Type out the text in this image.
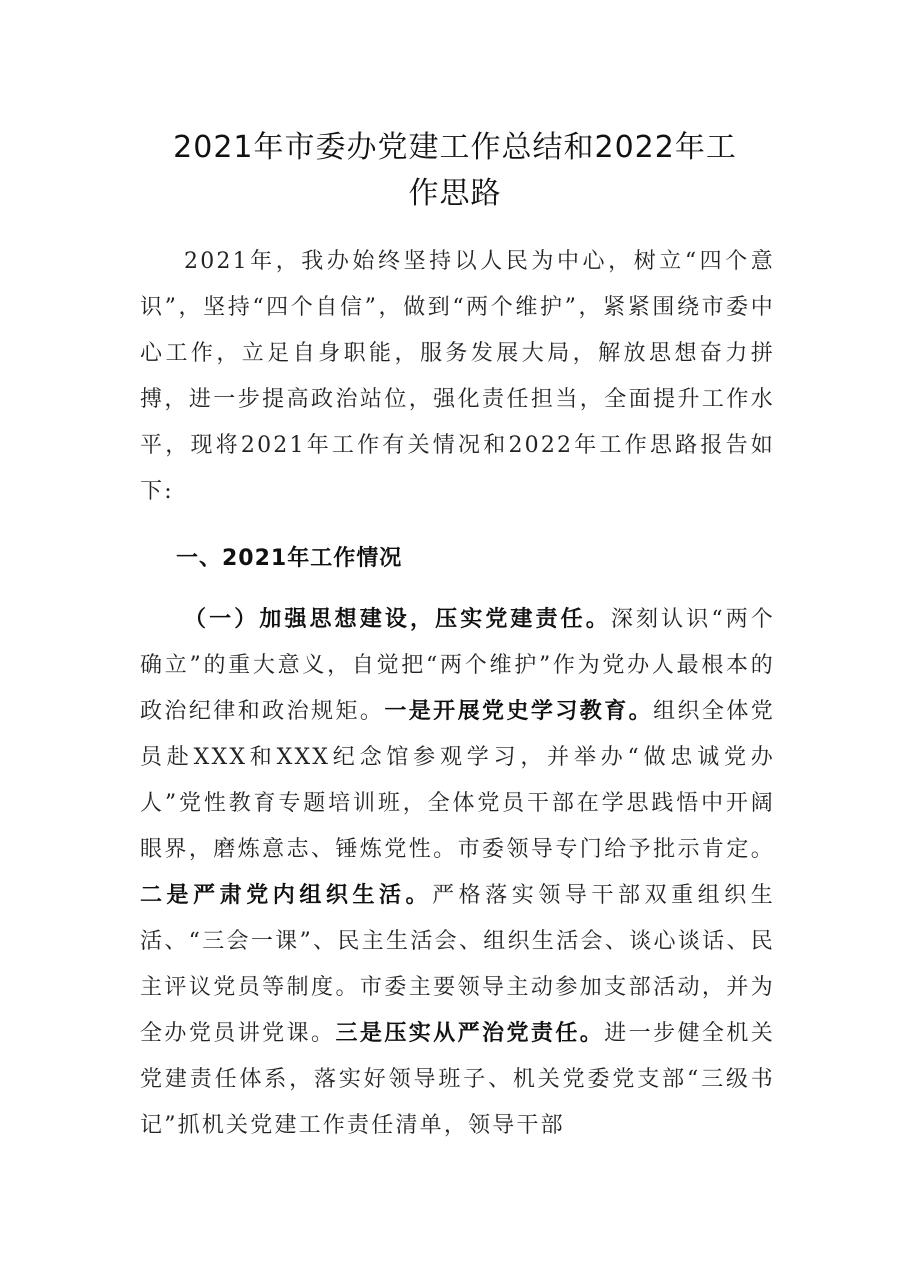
2021年市委办党建工作总结和2022年工
作思路

2021年，我办始终坚持以人民为中心，树立“四个意识”，坚持“四个自信”，做到“两个维护”，紧紧围绕市委中心工作，立足自身职能，服务发展大局，解放思想奋力拼搏，进一步提高政治站位，强化责任担当，全面提升工作水平，现将2021年工作有关情况和2022年工作思路报告如下:

一、2021年工作情况

（一）加强思想建设，压实党建责任。深刻认识“两个确立”的重大意义，自觉把“两个维护”作为党办人最根本的政治纪律和政治规矩。一是开展党史学习教育。组织全体党员赴XXX和XXX纪念馆参观学习，并举办“做忠诚党办人”党性教育专题培训班，全体党员干部在学思践悟中开阔眼界，磨炼意志、锤炼党性。市委领导专门给予批示肯定。二是严肃党内组织生活。严格落实领导干部双重组织生活、“三会一课”、民主生活会、组织生活会、谈心谈话、民主评议党员等制度。市委主要领导主动参加支部活动，并为全办党员讲党课。三是压实从严治党责任。进一步健全机关党建责任体系，落实好领导班子、机关党委党支部“三级书记”抓机关党建工作责任清单，领导干部
